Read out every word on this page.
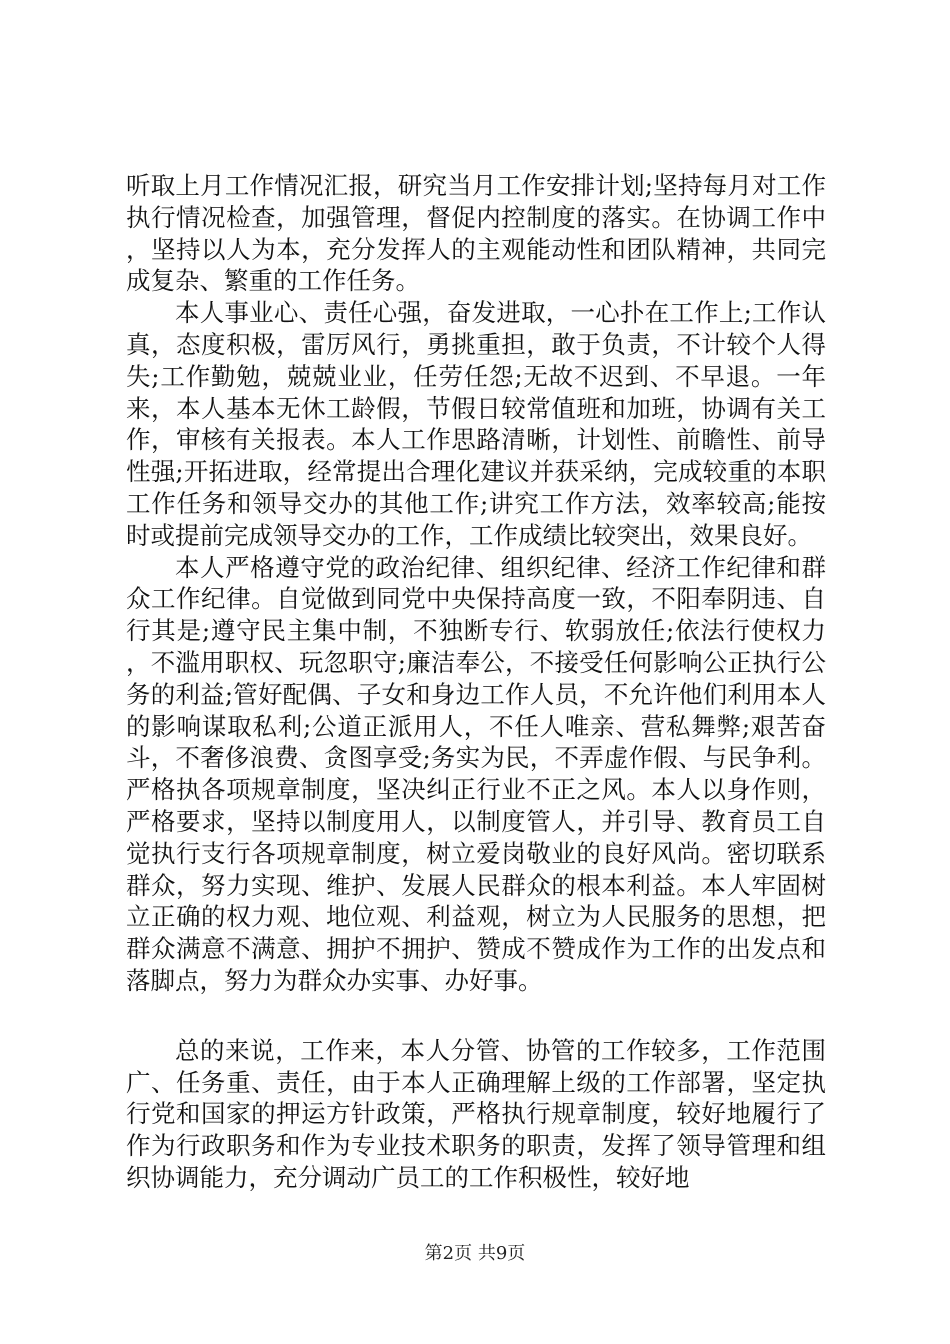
听取上月工作情况汇报，研究当月工作安排计划;坚持每月对工作执行情况检查，加强管理，督促内控制度的落实。在协调工作中，坚持以人为本，充分发挥人的主观能动性和团队精神，共同完成复杂、繁重的工作任务。

本人事业心、责任心强，奋发进取，一心扑在工作上;工作认真，态度积极，雷厉风行，勇挑重担，敢于负责，不计较个人得失;工作勤勉，兢兢业业，任劳任怨;无故不迟到、不早退。一年来，本人基本无休工龄假，节假日较常值班和加班，协调有关工作，审核有关报表。本人工作思路清晰，计划性、前瞻性、前导性强;开拓进取，经常提出合理化建议并获采纳，完成较重的本职工作任务和领导交办的其他工作;讲究工作方法，效率较高;能按时或提前完成领导交办的工作，工作成绩比较突出，效果良好。

本人严格遵守党的政治纪律、组织纪律、经济工作纪律和群众工作纪律。自觉做到同党中央保持高度一致，不阳奉阴违、自行其是;遵守民主集中制，不独断专行、软弱放任;依法行使权力，不滥用职权、玩忽职守;廉洁奉公，不接受任何影响公正执行公务的利益;管好配偶、子女和身边工作人员，不允许他们利用本人的影响谋取私利;公道正派用人，不任人唯亲、营私舞弊;艰苦奋斗，不奢侈浪费、贪图享受;务实为民，不弄虚作假、与民争利。严格执各项规章制度，坚决纠正行业不正之风。本人以身作则，严格要求，坚持以制度用人，以制度管人，并引导、教育员工自觉执行支行各项规章制度，树立爱岗敬业的良好风尚。密切联系群众，努力实现、维护、发展人民群众的根本利益。本人牢固树立正确的权力观、地位观、利益观，树立为人民服务的思想，把群众满意不满意、拥护不拥护、赞成不赞成作为工作的出发点和落脚点，努力为群众办实事、办好事。

总的来说，工作来，本人分管、协管的工作较多，工作范围广、任务重、责任，由于本人正确理解上级的工作部署，坚定执行党和国家的押运方针政策，严格执行规章制度，较好地履行了作为行政职务和作为专业技术职务的职责，发挥了领导管理和组织协调能力，充分调动广员工的工作积极性，较好地

第2页 共9页
